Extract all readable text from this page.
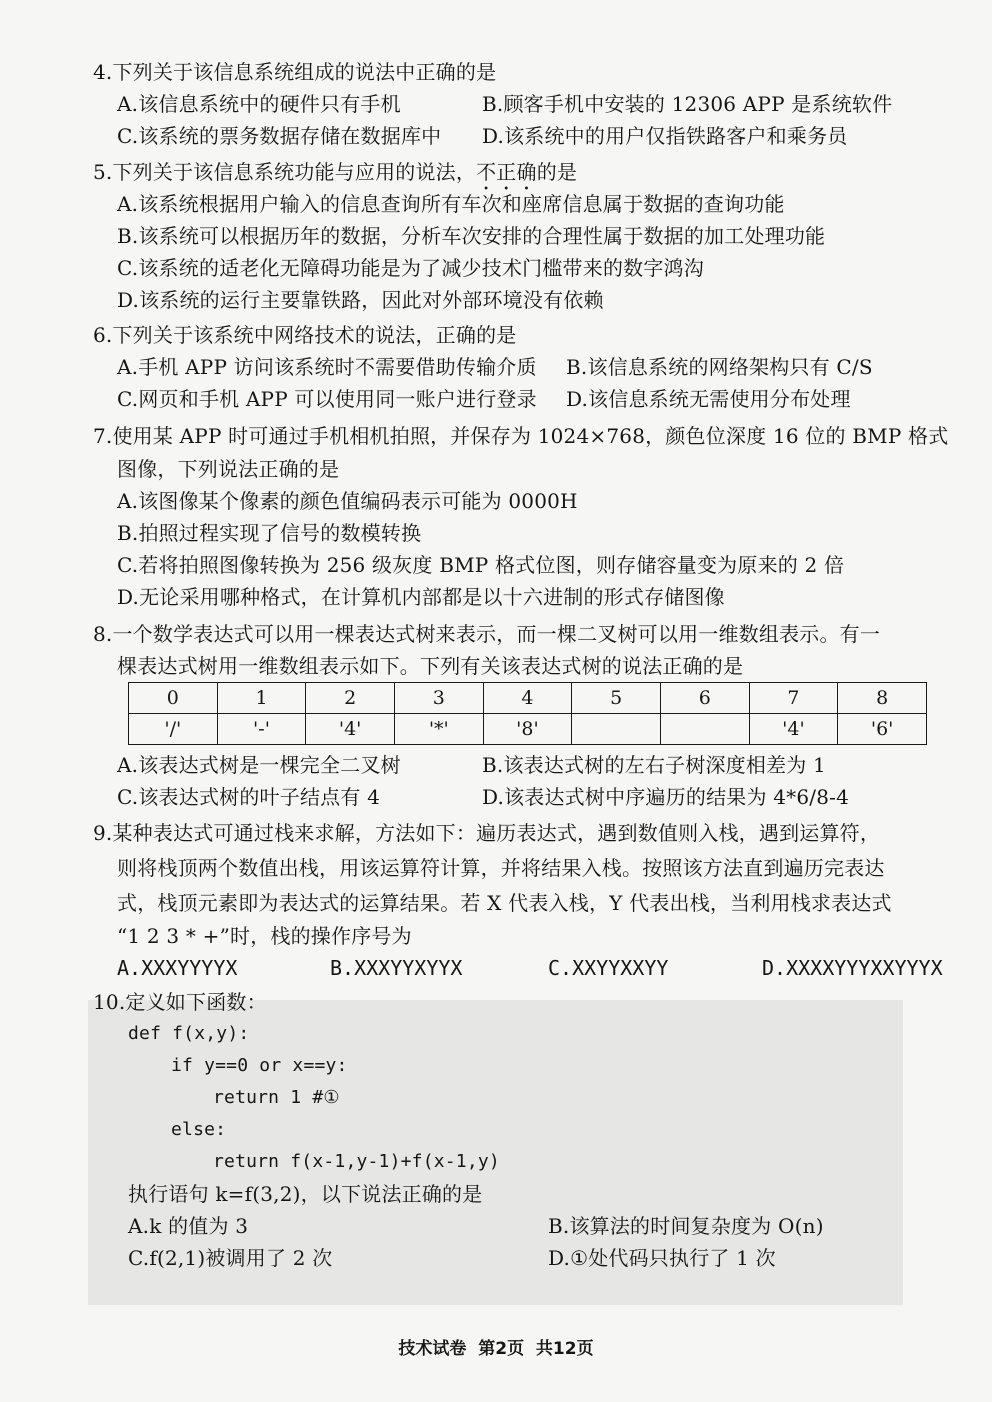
4.下列关于该信息系统组成的说法中正确的是
A.该信息系统中的硬件只有手机	B.顾客手机中安装的 12306 APP 是系统软件
C.该系统的票务数据存储在数据库中 D.该系统中的用户仅指铁路客户和乘务员
5.下列关于该信息系统功能与应用的说法，不正确的是
A.该系统根据用户输入的信息查询所有车次和座席信息属于数据的查询功能
B.该系统可以根据历年的数据，分析车次安排的合理性属于数据的加工处理功能
C.该系统的适老化无障碍功能是为了减少技术门槛带来的数字鸿沟
D.该系统的运行主要靠铁路，因此对外部环境没有依赖
6.下列关于该系统中网络技术的说法，正确的是
A.手机 APP 访问该系统时不需要借助传输介质 B.该信息系统的网络架构只有 C/S
C.网页和手机 APP 可以使用同一账户进行登录 D.该信息系统无需使用分布处理
7.使用某 APP 时可通过手机相机拍照，并保存为 1024×768，颜色位深度 16 位的 BMP 格式
图像，下列说法正确的是
A.该图像某个像素的颜色值编码表示可能为 0000H
B.拍照过程实现了信号的数模转换
C.若将拍照图像转换为 256 级灰度 BMP 格式位图，则存储容量变为原来的 2 倍
D.无论采用哪种格式，在计算机内部都是以十六进制的形式存储图像
8.一个数学表达式可以用一棵表达式树来表示，而一棵二叉树可以用一维数组表示。有一
棵表达式树用一维数组表示如下。下列有关该表达式树的说法正确的是
0	1	2	3	4	5	6	7	8
'/'	'-'	'4'	'*'	'8'			'4'	'6'
A.该表达式树是一棵完全二叉树	B.该表达式树的左右子树深度相差为 1
C.该表达式树的叶子结点有 4	D.该表达式树中序遍历的结果为 4*6/8-4
9.某种表达式可通过栈来求解，方法如下：遍历表达式，遇到数值则入栈，遇到运算符，
则将栈顶两个数值出栈，用该运算符计算，并将结果入栈。按照该方法直到遍历完表达
式，栈顶元素即为表达式的运算结果。若 X 代表入栈，Y 代表出栈，当利用栈求表达式
“1 2 3 * +”时，栈的操作序号为
A.XXXYYYYX	B.XXXYYXYYX	C.XXYYXXYY	D.XXXXYYYXXYYYX
10.定义如下函数：
def f(x,y):
if y==0 or x==y:
return 1 #①
else:
return f(x-1,y-1)+f(x-1,y)
执行语句 k=f(3,2)，以下说法正确的是
A.k 的值为 3	B.该算法的时间复杂度为 O(n)
C.f(2,1)被调用了 2 次	D.①处代码只执行了 1 次
技术试卷  第2页  共12页
